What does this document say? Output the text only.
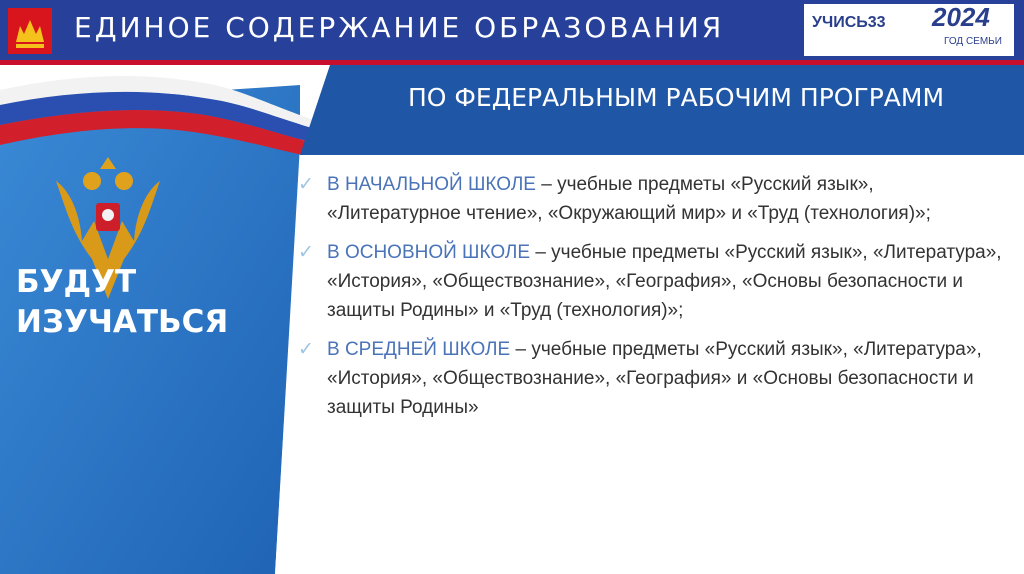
ЕДИНОЕ СОДЕРЖАНИЕ ОБРАЗОВАНИЯ	УЧИСЬ33 2024
ГОД СЕМЬИ
ПО ФЕДЕРАЛЬНЫМ РАБОЧИМ ПРОГРАММ
БУДУТ
ИЗУЧАТЬСЯ
✓ В НАЧАЛЬНОЙ ШКОЛЕ – учебные предметы «Русский язык», «Литературное чтение», «Окружающий мир» и «Труд (технология)»;
✓ В ОСНОВНОЙ ШКОЛЕ – учебные предметы «Русский язык», «Литература», «История», «Обществознание», «География», «Основы безопасности и защиты Родины» и «Труд (технология)»;
✓ В СРЕДНЕЙ ШКОЛЕ – учебные предметы «Русский язык», «Литература», «История», «Обществознание», «География» и «Основы безопасности и защиты Родины»
